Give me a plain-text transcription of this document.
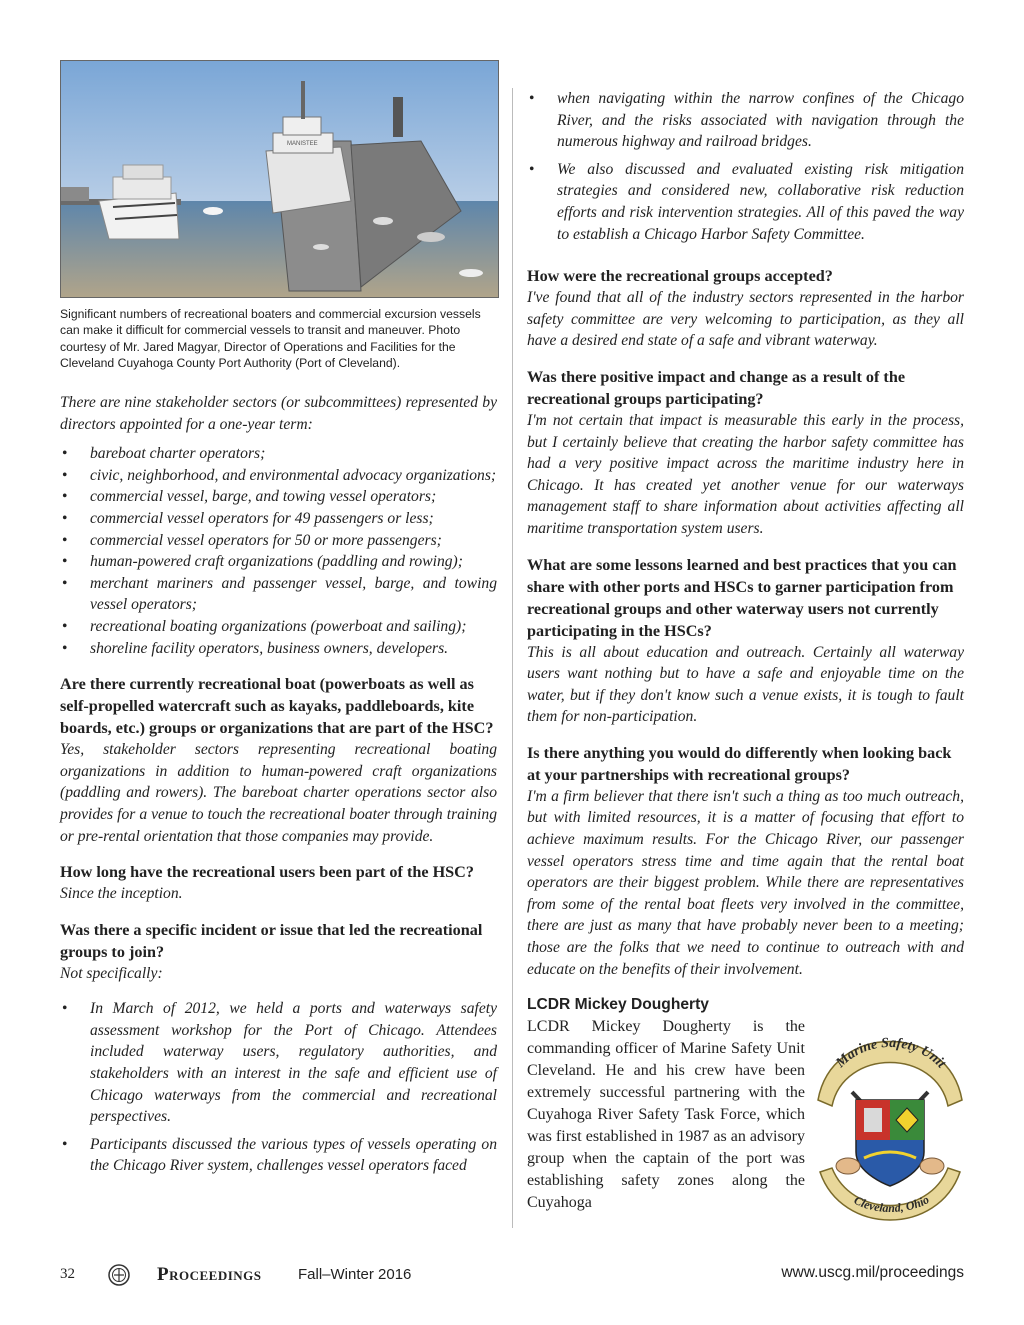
MANISTEE
Significant numbers of recreational boaters and commercial excursion vessels can make it difficult for commercial vessels to transit and maneuver. Photo courtesy of Mr. Jared Magyar, Director of Operations and Facilities for the Cleveland Cuyahoga County Port Authority (Port of Cleveland).

There are nine stakeholder sectors (or subcommittees) represented by directors appointed for a one-year term:

• bareboat charter operators;
• civic, neighborhood, and environmental advocacy organizations;
• commercial vessel, barge, and towing vessel operators;
• commercial vessel operators for 49 passengers or less;
• commercial vessel operators for 50 or more passengers;
• human-powered craft organizations (paddling and rowing);
• merchant mariners and passenger vessel, barge, and towing vessel operators;
• recreational boating organizations (powerboat and sailing);
• shoreline facility operators, business owners, developers.

Are there currently recreational boat (powerboats as well as self-propelled watercraft such as kayaks, paddleboards, kite boards, etc.) groups or organizations that are part of the HSC?

Yes, stakeholder sectors representing recreational boating organizations in addition to human-powered craft organizations (paddling and rowers). The bareboat charter operations sector also provides for a venue to touch the recreational boater through training or pre-rental orientation that those companies may provide.

How long have the recreational users been part of the HSC?

Since the inception.

Was there a specific incident or issue that led the recreational groups to join?

Not specifically:

• In March of 2012, we held a ports and waterways safety assessment workshop for the Port of Chicago. Attendees included waterway users, regulatory authorities, and stakeholders with an interest in the safe and efficient use of Chicago waterways from the commercial and recreational perspectives.
• Participants discussed the various types of vessels operating on the Chicago River system, challenges vessel operators faced
• when navigating within the narrow confines of the Chicago River, and the risks associated with navigation through the numerous highway and railroad bridges.
• We also discussed and evaluated existing risk mitigation strategies and considered new, collaborative risk reduction efforts and risk intervention strategies. All of this paved the way to establish a Chicago Harbor Safety Committee.

How were the recreational groups accepted?

I've found that all of the industry sectors represented in the harbor safety committee are very welcoming to participation, as they all have a desired end state of a safe and vibrant waterway.

Was there positive impact and change as a result of the recreational groups participating?

I'm not certain that impact is measurable this early in the process, but I certainly believe that creating the harbor safety committee has had a very positive impact across the maritime industry here in Chicago. It has created yet another venue for our waterways management staff to share information about activities affecting all maritime transportation system users.

What are some lessons learned and best practices that you can share with other ports and HSCs to garner participation from recreational groups and other waterway users not currently participating in the HSCs?

This is all about education and outreach. Certainly all waterway users want nothing but to have a safe and enjoyable time on the water, but if they don't know such a venue exists, it is tough to fault them for non-participation.

Is there anything you would do differently when looking back at your partnerships with recreational groups?

I'm a firm believer that there isn't such a thing as too much outreach, but with limited resources, it is a matter of focusing that effort to achieve maximum results. For the Chicago River, our passenger vessel operators stress time and time again that the rental boat operators are their biggest problem. While there are representatives from some of the rental boat fleets very involved in the committee, there are just as many that have probably never been to a meeting; those are the folks that we need to continue to outreach with and educate on the benefits of their involvement.

LCDR Mickey Dougherty

LCDR Mickey Dougherty is the commanding officer of Marine Safety Unit Cleveland. He and his crew have been extremely successful partnering with the Cuyahoga River Safety Task Force, which was first established in 1987 as an advisory group when the captain of the port was establishing safety zones along the Cuyahoga

Marine Safety Unit
Cleveland, Ohio
32	Proceedings Fall–Winter 2016	www.uscg.mil/proceedings
